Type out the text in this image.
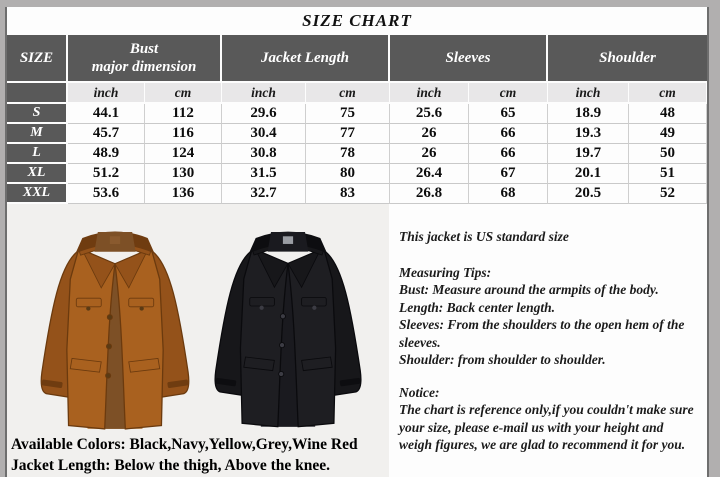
SIZE CHART
SIZE
Bust
major dimension
Jacket Length	Sleeves	Shoulder
inch	cm	inch	cm	inch	cm	inch	cm
S	44.1	112	29.6	75	25.6	65	18.9	48
M	45.7	116	30.4	77	26	66	19.3	49
L	48.9	124	30.8	78	26	66	19.7	50
XL	51.2	130	31.5	80	26.4	67	20.1	51
XXL	53.6	136	32.7	83	26.8	68	20.5	52
Available Colors: Black,Navy,Yellow,Grey,Wine Red
Jacket Length: Below the thigh, Above the knee.

This jacket is US standard size

Measuring Tips:

Bust: Measure around the armpits of the body.

Length: Back center length.

Sleeves: From the shoulders to the open hem of the sleeves.

Shoulder: from shoulder to shoulder.

Notice:

The chart is reference only,if you couldn't make sure your size, please e-mail us with your height and weigh figures, we are glad to recommend it for you.
